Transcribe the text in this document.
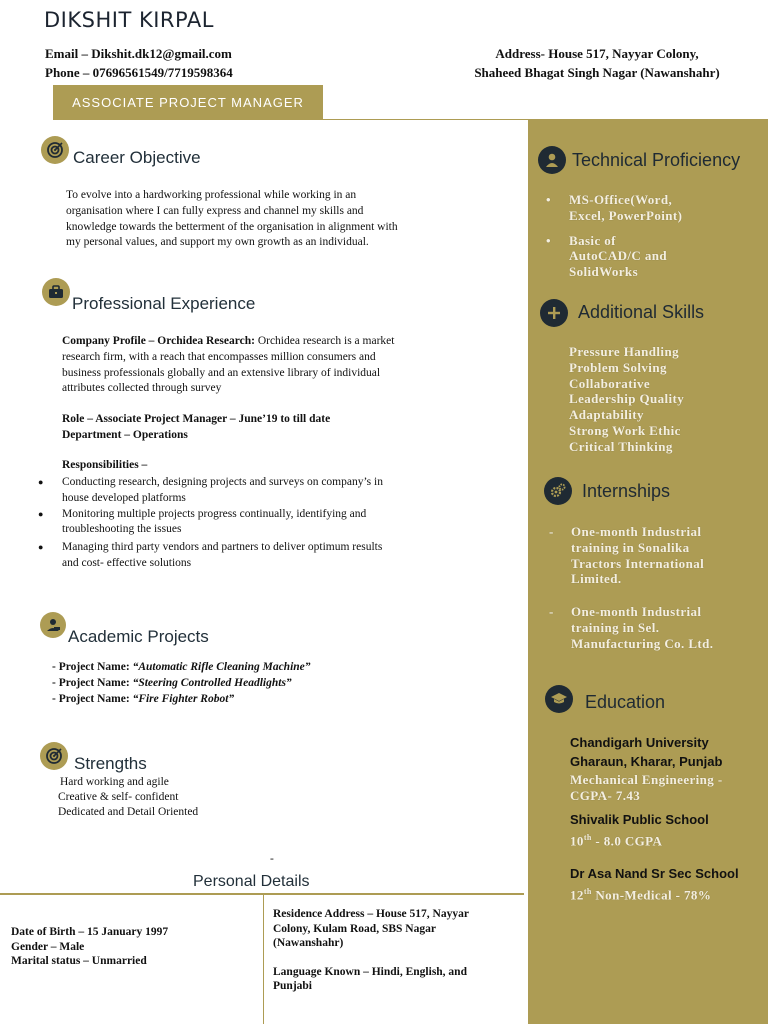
DIKSHIT KIRPAL
Email – Dikshit.dk12@gmail.com
Phone – 07696561549/7719598364
Address- House 517, Nayyar Colony,
Shaheed Bhagat Singh Nagar (Nawanshahr)
ASSOCIATE PROJECT MANAGER
Career Objective
To evolve into a hardworking professional while working in an
organisation where I can fully express and channel my skills and
knowledge towards the betterment of the organisation in alignment with
my personal values, and support my own growth as an individual.
Professional Experience
Company Profile – Orchidea Research: Orchidea research is a market
research firm, with a reach that encompasses million consumers and
business professionals globally and an extensive library of individual
attributes collected through survey
Role – Associate Project Manager – June’19 to till date
Department – Operations
Responsibilities –
● Conducting research, designing projects and surveys on company’s in
house developed platforms
● Monitoring multiple projects progress continually, identifying and
troubleshooting the issues
● Managing third party vendors and partners to deliver optimum results
and cost- effective solutions
Academic Projects
- Project Name: “Automatic Rifle Cleaning Machine”
- Project Name: “Steering Controlled Headlights”
- Project Name: “Fire Fighter Robot”
Strengths
Hard working and agile
Creative & self- confident
Dedicated and Detail Oriented
-
Personal Details
Date of Birth – 15 January 1997
Gender – Male
Marital status – Unmarried
Residence Address – House 517, Nayyar
Colony, Kulam Road, SBS Nagar
(Nawanshahr)
Language Known – Hindi, English, and
Punjabi
Technical Proficiency
• MS-Office(Word,
Excel, PowerPoint)
• Basic of
AutoCAD/C and
SolidWorks
Additional Skills
Pressure Handling
Problem Solving
Collaborative
Leadership Quality
Adaptability
Strong Work Ethic
Critical Thinking
Internships
- One-month Industrial
training in Sonalika
Tractors International
Limited.
- One-month Industrial
training in Sel.
Manufacturing Co. Ltd.
Education
Chandigarh University
Gharaun, Kharar, Punjab
Mechanical Engineering -
CGPA- 7.43
Shivalik Public School
10th - 8.0 CGPA
Dr Asa Nand Sr Sec School
12th Non-Medical - 78%
